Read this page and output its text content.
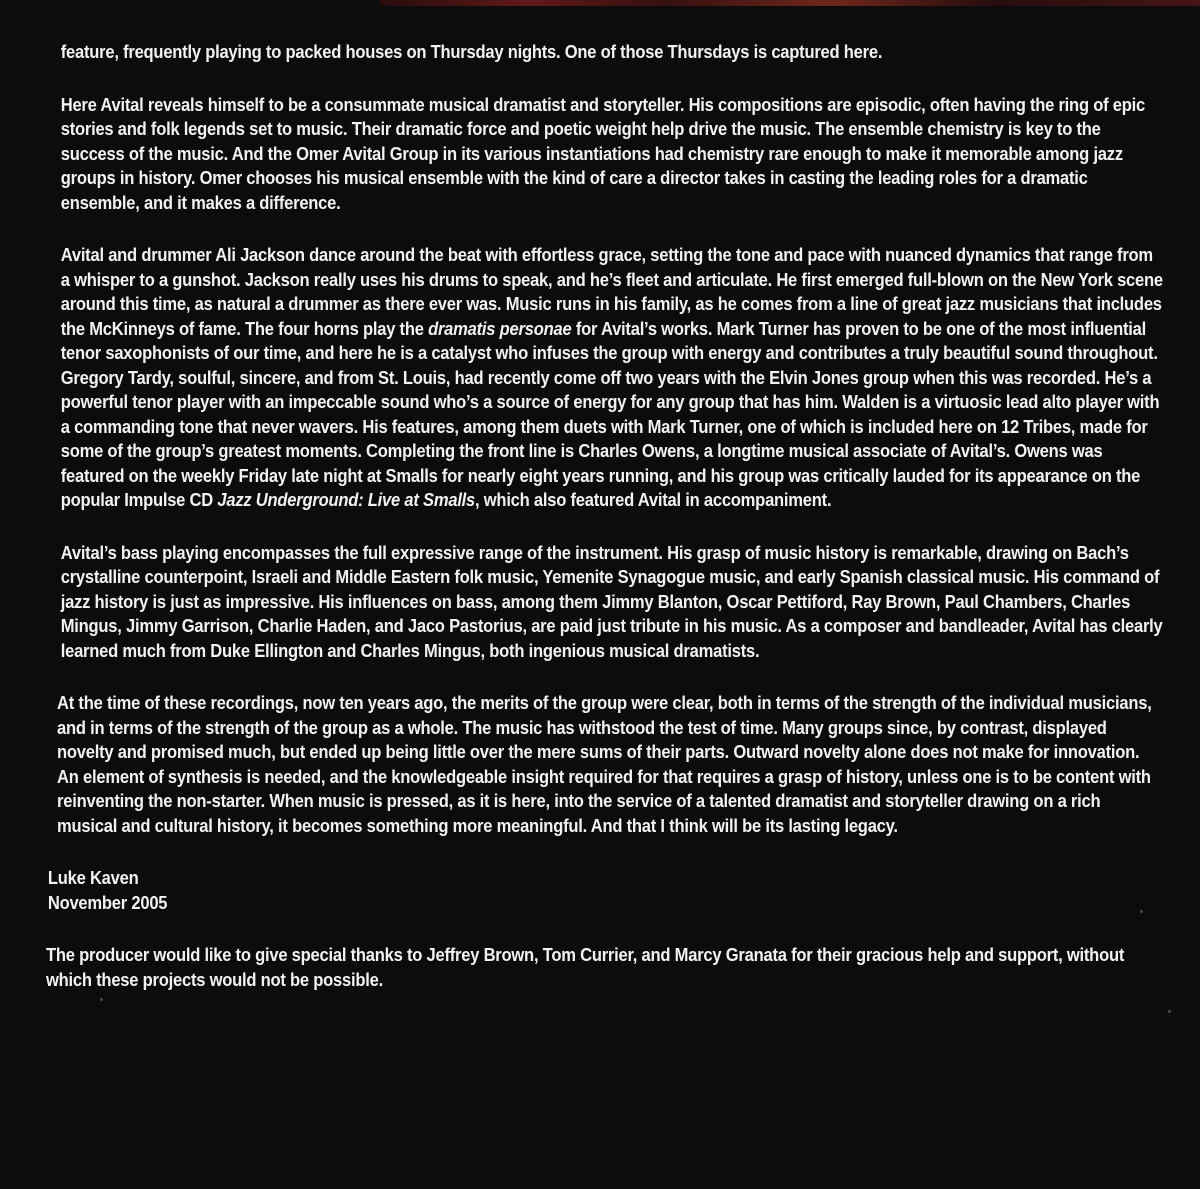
feature, frequently playing to packed houses on Thursday nights. One of those Thursdays is captured here.

Here Avital reveals himself to be a consummate musical dramatist and storyteller. His compositions are episodic, often having the ring of epic stories and folk legends set to music. Their dramatic force and poetic weight help drive the music. The ensemble chemistry is key to the success of the music. And the Omer Avital Group in its various instantiations had chemistry rare enough to make it memorable among jazz groups in history. Omer chooses his musical ensemble with the kind of care a director takes in casting the leading roles for a dramatic ensemble, and it makes a difference.

Avital and drummer Ali Jackson dance around the beat with effortless grace, setting the tone and pace with nuanced dynamics that range from a whisper to a gunshot. Jackson really uses his drums to speak, and he’s fleet and articulate. He first emerged full-blown on the New York scene around this time, as natural a drummer as there ever was. Music runs in his family, as he comes from a line of great jazz musicians that includes the McKinneys of fame. The four horns play the dramatis personae for Avital’s works. Mark Turner has proven to be one of the most influential tenor saxophonists of our time, and here he is a catalyst who infuses the group with energy and contributes a truly beautiful sound throughout. Gregory Tardy, soulful, sincere, and from St. Louis, had recently come off two years with the Elvin Jones group when this was recorded. He’s a powerful tenor player with an impeccable sound who’s a source of energy for any group that has him. Walden is a virtuosic lead alto player with a commanding tone that never wavers. His features, among them duets with Mark Turner, one of which is included here on 12 Tribes, made for some of the group’s greatest moments. Completing the front line is Charles Owens, a longtime musical associate of Avital’s. Owens was featured on the weekly Friday late night at Smalls for nearly eight years running, and his group was critically lauded for its appearance on the popular Impulse CD Jazz Underground: Live at Smalls, which also featured Avital in accompaniment.

Avital’s bass playing encompasses the full expressive range of the instrument. His grasp of music history is remarkable, drawing on Bach’s crystalline counterpoint, Israeli and Middle Eastern folk music, Yemenite Synagogue music, and early Spanish classical music. His command of jazz history is just as impressive. His influences on bass, among them Jimmy Blanton, Oscar Pettiford, Ray Brown, Paul Chambers, Charles Mingus, Jimmy Garrison, Charlie Haden, and Jaco Pastorius, are paid just tribute in his music. As a composer and bandleader, Avital has clearly learned much from Duke Ellington and Charles Mingus, both ingenious musical dramatists.

At the time of these recordings, now ten years ago, the merits of the group were clear, both in terms of the strength of the individual musicians, and in terms of the strength of the group as a whole. The music has withstood the test of time. Many groups since, by contrast, displayed novelty and promised much, but ended up being little over the mere sums of their parts. Outward novelty alone does not make for innovation. An element of synthesis is needed, and the knowledgeable insight required for that requires a grasp of history, unless one is to be content with reinventing the non-starter. When music is pressed, as it is here, into the service of a talented dramatist and storyteller drawing on a rich musical and cultural history, it becomes something more meaningful. And that I think will be its lasting legacy.

Luke Kaven
November 2005

The producer would like to give special thanks to Jeffrey Brown, Tom Currier, and Marcy Granata for their gracious help and support, without which these projects would not be possible.
